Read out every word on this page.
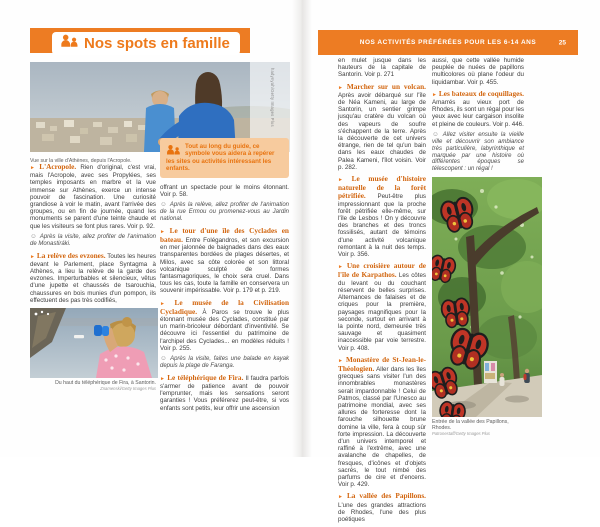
Nos spots en famille
hadynyah/Getty Images Plus
Vue sur la ville d'Athènes, depuis l'Acropole.

► L'Acropole. Rien d'original, c'est vrai, mais l'Acropole, avec ses Propylées, ses temples imposants en marbre et la vue immense sur Athènes, exerce un intense pouvoir de fascination. Une curiosité grandiose à voir le matin, avant l'arrivée des groupes, ou en fin de journée, quand les monuments se parent d'une teinte chaude et que les visiteurs se font plus rares. Voir p. 92.

☺ Après la visite, allez profiter de l'animation de Monastiráki.

► La relève des evzones. Toutes les heures devant le Parlement, place Syntagma à Athènes, a lieu la relève de la garde des evzones. Imperturbables et silencieux, vêtus d'une jupette et chaussés de tsarouchia, chaussures en bois munies d'un pompon, ils effectuent des pas très codifiés,

Du haut du téléphérique de Fira, à Santorin.
Znamenski/Getty Images Plus

Tout au long du guide, ce symbole vous aidera à repérer les sites ou activités intéressant les enfants.

offrant un spectacle pour le moins étonnant. Voir p. 58.

☺ Après la relève, allez profiter de l'animation de la rue Ermou ou promenez-vous au Jardin national.

► Le tour d'une île des Cyclades en bateau. Entre Folégandros, et son excursion en mer jalonnée de baignades dans des eaux transparentes bordées de plages désertes, et Milos, avec sa côte colorée et son littoral volcanique sculpté de formes fantasmagoriques, le choix sera cruel. Dans tous les cas, toute la famille en conservera un souvenir impérissable. Voir p. 179 et p. 219.

► Le musée de la Civilisation Cycladique. À Paros se trouve le plus étonnant musée des Cyclades, constitué par un marin-bricoleur débordant d'inventivité. Se découvre ici l'essentiel du patrimoine de l'archipel des Cyclades... en modèles réduits ! Voir p. 255.

☺ Après la visite, faites une balade en kayak depuis la plage de Faranga.

► Le téléphérique de Fira. Il faudra parfois s'armer de patience avant de pouvoir l'emprunter, mais les sensations seront garanties ! Vous préférerez peut-être, si vos enfants sont petits, leur offrir une ascension

NOS ACTIVITÉS PRÉFÉRÉES POUR LES 6-14 ANS	25

en mulet jusque dans les hauteurs de la capitale de Santorin. Voir p. 271

► Marcher sur un volcan. Après avoir débarqué sur l'île de Néa Kameni, au large de Santorin, un sentier grimpe jusqu'au cratère du volcan où des vapeurs de soufre s'échappent de la terre. Après la découverte de cet univers étrange, rien de tel qu'un bain dans les eaux chaudes de Palea Kameni, l'îlot voisin. Voir p. 282.

► Le musée d'histoire naturelle de la forêt pétrifiée. Peut-être plus impressionnant que la proche forêt pétrifiée elle-même, sur l'île de Lesbos ! On y découvre des branches et des troncs fossilisés, autant de témoins d'une activité volcanique remontant à la nuit des temps. Voir p. 356.

► Une croisière autour de l'île de Karpathos. Les côtes du levant ou du couchant réservent de belles surprises. Alternances de falaises et de criques pour la première, paysages magnifiques pour la seconde, surtout en arrivant à la pointe nord, demeurée très sauvage et quasiment inaccessible par voie terrestre. Voir p. 408.

► Monastère de St-Jean-le-Théologien. Aller dans les îles grecques sans visiter l'un des innombrables monastères serait impardonnable ! Celui de Patmos, classé par l'Unesco au patrimoine mondial, avec ses allures de forteresse dont la farouche silhouette brune domine la ville, fera à coup sûr forte impression. La découverte d'un univers intemporel et raffiné à l'extrême, avec une avalanche de chapelles, de fresques, d'icônes et d'objets sacrés, le tout nimbé des parfums de cire et d'encens. Voir p. 429.

► La vallée des Papillons. L'une des grandes attractions de Rhodes, l'une des plus poétiques

aussi, que cette vallée humide peuplée de nuées de papillons multicolores où plane l'odeur du liquidambar. Voir p. 455.

► Les bateaux de coquillages. Amarrés au vieux port de Rhodes, ils sont un régal pour les yeux avec leur cargaison insolite et pleine de couleurs. Voir p. 446.

☺ Allez visiter ensuite la vieille ville et découvrir son ambiance très particulière, labyrinthique et marquée par une histoire où différentes époques se télescopent : un régal !

Entrée de la vallée des Papillons, Rhodes.
Patronestaff/Getty Images Plus
